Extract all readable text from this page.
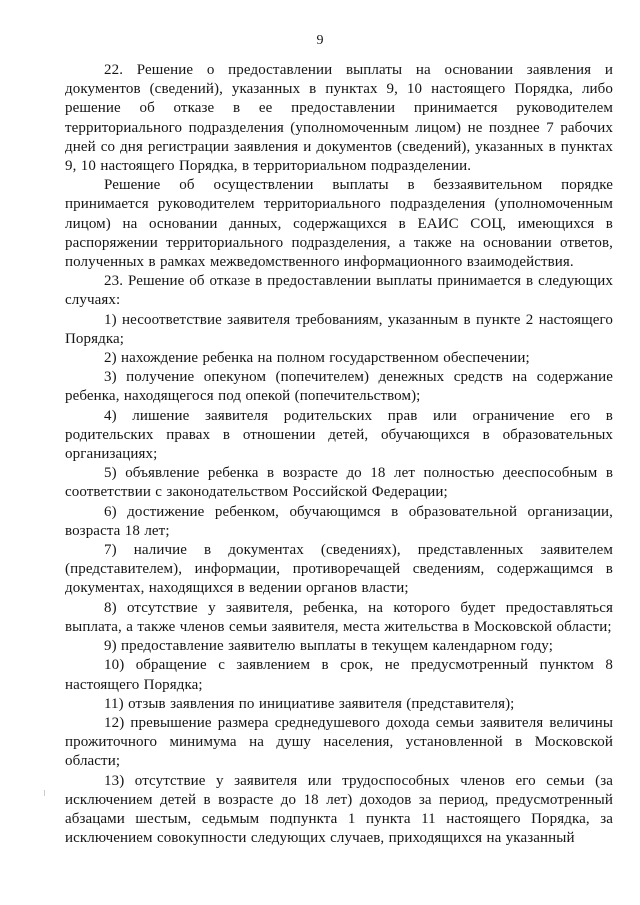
9

22. Решение о предоставлении выплаты на основании заявления и документов (сведений), указанных в пунктах 9, 10 настоящего Порядка, либо решение об отказе в ее предоставлении принимается руководителем территориального подразделения (уполномоченным лицом) не позднее 7 рабочих дней со дня регистрации заявления и документов (сведений), указанных в пунктах 9, 10 настоящего Порядка, в территориальном подразделении.

Решение об осуществлении выплаты в беззаявительном порядке принимается руководителем территориального подразделения (уполномоченным лицом) на основании данных, содержащихся в ЕАИС СОЦ, имеющихся в распоряжении территориального подразделения, а также на основании ответов, полученных в рамках межведомственного информационного взаимодействия.

23. Решение об отказе в предоставлении выплаты принимается в следующих случаях:

1) несоответствие заявителя требованиям, указанным в пункте 2 настоящего Порядка;

2) нахождение ребенка на полном государственном обеспечении;

3) получение опекуном (попечителем) денежных средств на содержание ребенка, находящегося под опекой (попечительством);

4) лишение заявителя родительских прав или ограничение его в родительских правах в отношении детей, обучающихся в образовательных организациях;

5) объявление ребенка в возрасте до 18 лет полностью дееспособным в соответствии с законодательством Российской Федерации;

6) достижение ребенком, обучающимся в образовательной организации, возраста 18 лет;

7) наличие в документах (сведениях), представленных заявителем (представителем), информации, противоречащей сведениям, содержащимся в документах, находящихся в ведении органов власти;

8) отсутствие у заявителя, ребенка, на которого будет предоставляться выплата, а также членов семьи заявителя, места жительства в Московской области;

9) предоставление заявителю выплаты в текущем календарном году;

10) обращение с заявлением в срок, не предусмотренный пунктом 8 настоящего Порядка;

11) отзыв заявления по инициативе заявителя (представителя);

12) превышение размера среднедушевого дохода семьи заявителя величины прожиточного минимума на душу населения, установленной в Московской области;

13) отсутствие у заявителя или трудоспособных членов его семьи (за исключением детей в возрасте до 18 лет) доходов за период, предусмотренный абзацами шестым, седьмым подпункта 1 пункта 11 настоящего Порядка, за исключением совокупности следующих случаев, приходящихся на указанный
